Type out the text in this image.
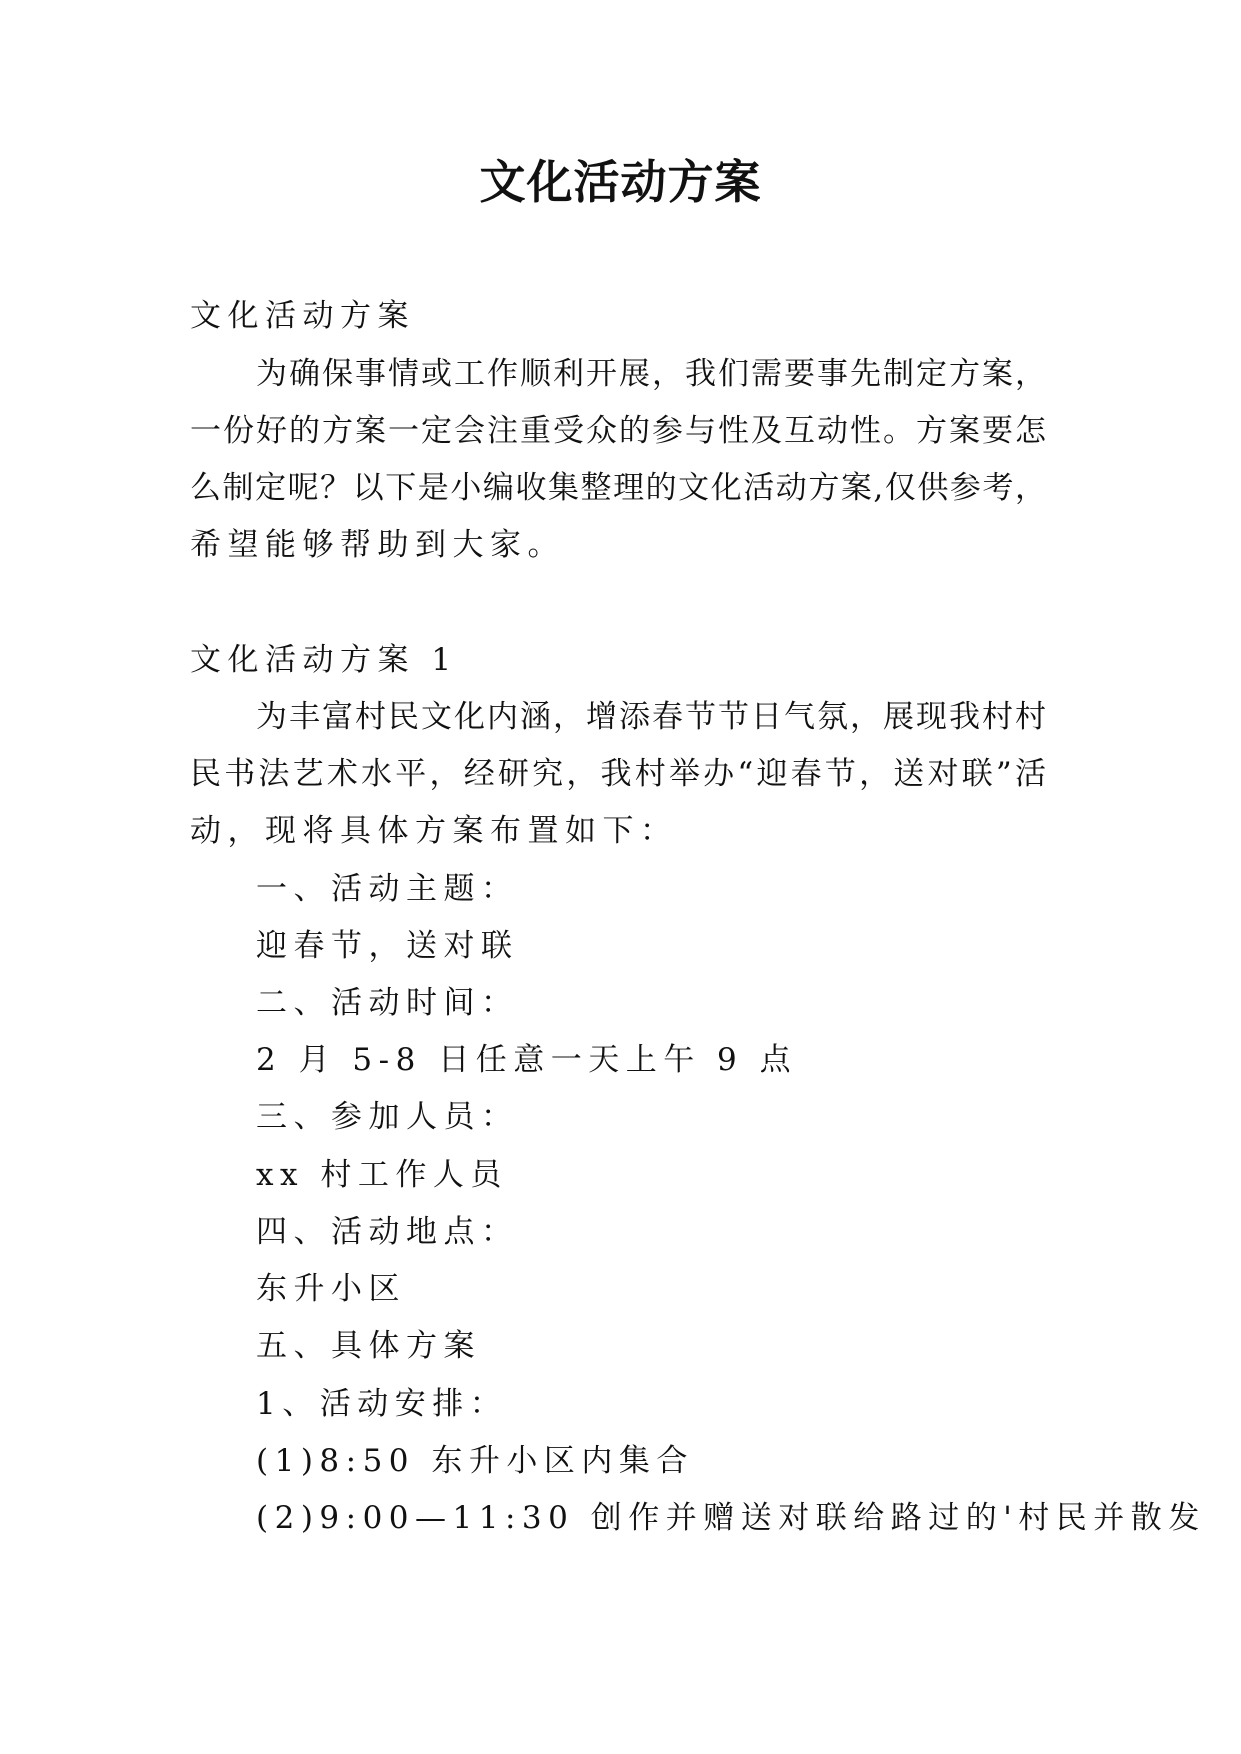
文化活动方案
文化活动方案
为确保事情或工作顺利开展，我们需要事先制定方案，
一份好的方案一定会注重受众的参与性及互动性。方案要怎
么制定呢？以下是小编收集整理的文化活动方案,仅供参考，
希望能够帮助到大家。
文化活动方案 1
为丰富村民文化内涵，增添春节节日气氛，展现我村村
民书法艺术水平，经研究，我村举办“迎春节，送对联”活
动，现将具体方案布置如下：
一、活动主题：
迎春节，送对联
二、活动时间：
2 月 5-8 日任意一天上午 9 点
三、参加人员：
xx 村工作人员
四、活动地点：
东升小区
五、具体方案
1、活动安排：
(1)8:50 东升小区内集合
(2)9:00—11:30 创作并赠送对联给路过的'村民并散发
